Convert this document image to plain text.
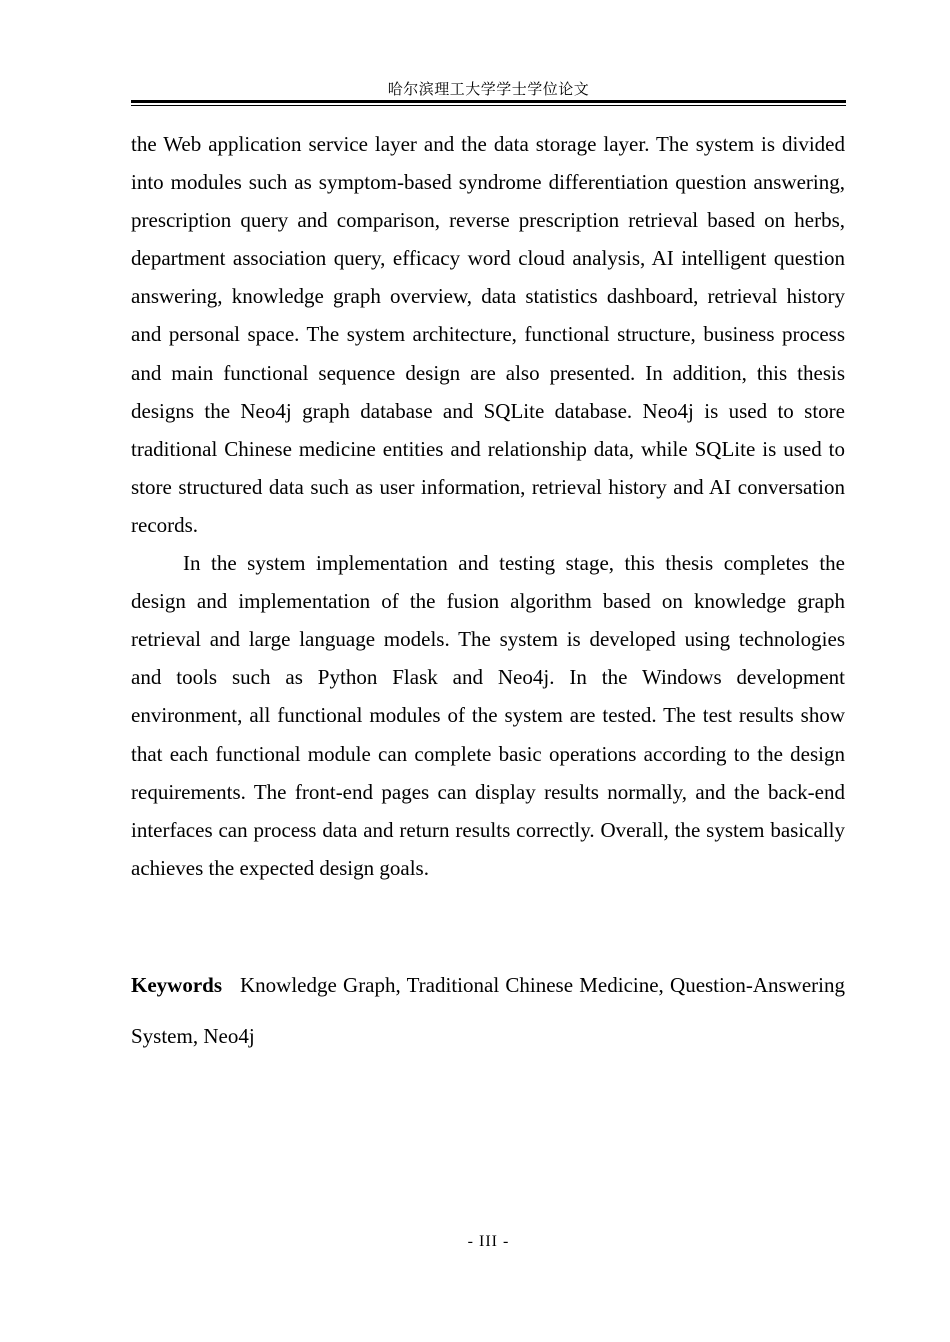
哈尔滨理工大学学士学位论文

the Web application service layer and the data storage layer. The system is divided into modules such as symptom-based syndrome differentiation question answering, prescription query and comparison, reverse prescription retrieval based on herbs, department association query, efficacy word cloud analysis, AI intelligent question answering, knowledge graph overview, data statistics dashboard, retrieval history and personal space. The system architecture, functional structure, business process and main functional sequence design are also presented. In addition, this thesis designs the Neo4j graph database and SQLite database. Neo4j is used to store traditional Chinese medicine entities and relationship data, while SQLite is used to store structured data such as user information, retrieval history and AI conversation records.

In the system implementation and testing stage, this thesis completes the design and implementation of the fusion algorithm based on knowledge graph retrieval and large language models. The system is developed using technologies and tools such as Python Flask and Neo4j. In the Windows development environment, all functional modules of the system are tested. The test results show that each functional module can complete basic operations according to the design requirements. The front-end pages can display results normally, and the back-end interfaces can process data and return results correctly. Overall, the system basically achieves the expected design goals.

Keywords Knowledge Graph, Traditional Chinese Medicine, Question-Answering System, Neo4j
- III -
